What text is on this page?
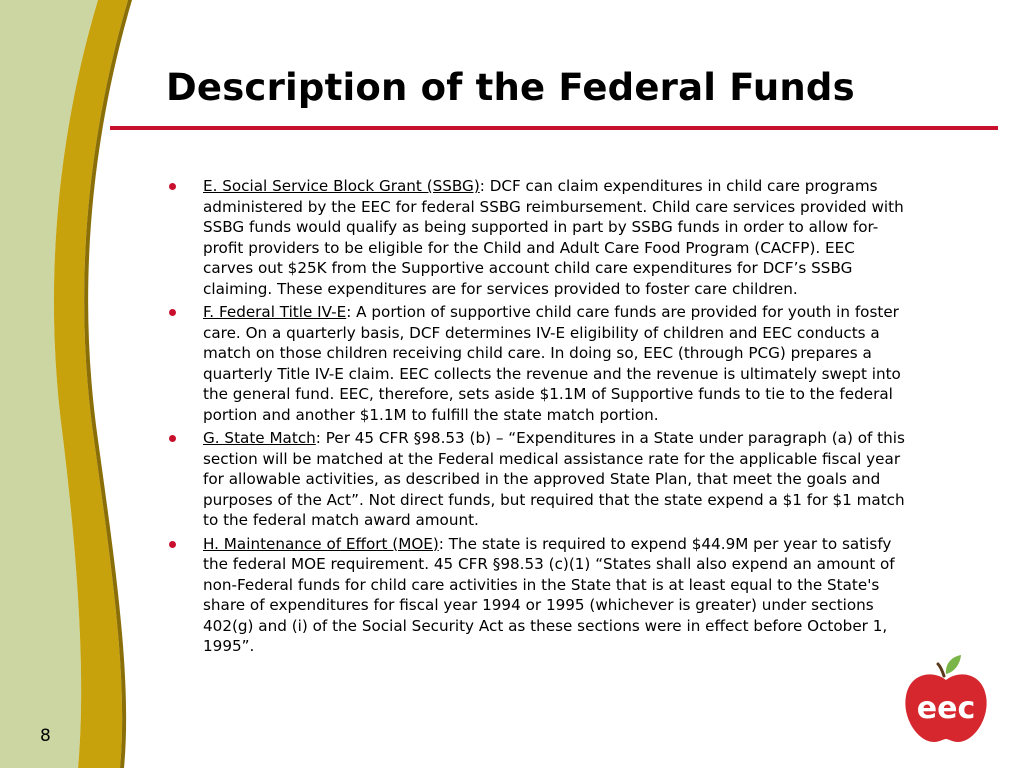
Description of the Federal Funds
E. Social Service Block Grant (SSBG): DCF can claim expenditures in child care programs administered by the EEC for federal SSBG reimbursement. Child care services provided with SSBG funds would qualify as being supported in part by SSBG funds in order to allow for-profit providers to be eligible for the Child and Adult Care Food Program (CACFP). EEC carves out $25K from the Supportive account child care expenditures for DCF’s SSBG claiming. These expenditures are for services provided to foster care children.
F. Federal Title IV-E: A portion of supportive child care funds are provided for youth in foster care. On a quarterly basis, DCF determines IV-E eligibility of children and EEC conducts a match on those children receiving child care. In doing so, EEC (through PCG) prepares a quarterly Title IV-E claim. EEC collects the revenue and the revenue is ultimately swept into the general fund. EEC, therefore, sets aside $1.1M of Supportive funds to tie to the federal portion and another $1.1M to fulfill the state match portion.
G. State Match: Per 45 CFR §98.53 (b) – “Expenditures in a State under paragraph (a) of this section will be matched at the Federal medical assistance rate for the applicable fiscal year for allowable activities, as described in the approved State Plan, that meet the goals and purposes of the Act”. Not direct funds, but required that the state expend a $1 for $1 match to the federal match award amount.
H. Maintenance of Effort (MOE): The state is required to expend $44.9M per year to satisfy the federal MOE requirement. 45 CFR §98.53 (c)(1) “States shall also expend an amount of non-Federal funds for child care activities in the State that is at least equal to the State's share of expenditures for fiscal year 1994 or 1995 (whichever is greater) under sections 402(g) and (i) of the Social Security Act as these sections were in effect before October 1, 1995”.
8
eec
